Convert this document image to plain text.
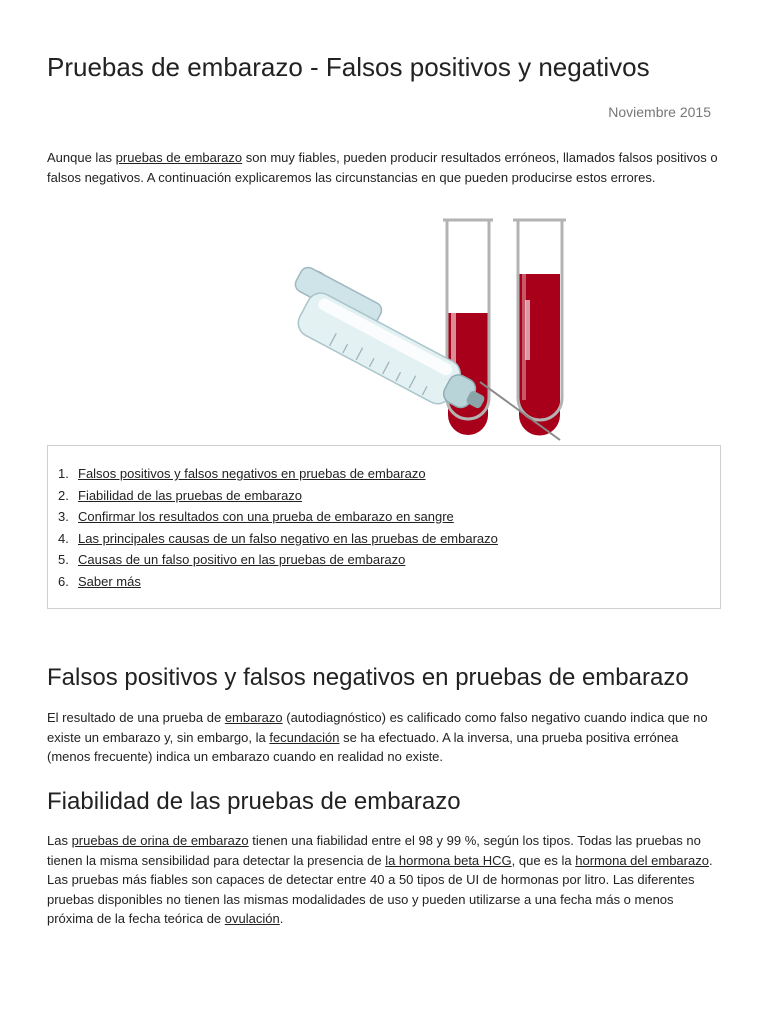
Pruebas de embarazo - Falsos positivos y negativos
Noviembre 2015

Aunque las pruebas de embarazo son muy fiables, pueden producir resultados erróneos, llamados falsos positivos o falsos negativos. A continuación explicaremos las circunstancias en que pueden producirse estos errores.

1. Falsos positivos y falsos negativos en pruebas de embarazo
2. Fiabilidad de las pruebas de embarazo
3. Confirmar los resultados con una prueba de embarazo en sangre
4. Las principales causas de un falso negativo en las pruebas de embarazo
5. Causas de un falso positivo en las pruebas de embarazo
6. Saber más
Falsos positivos y falsos negativos en pruebas de embarazo

El resultado de una prueba de embarazo (autodiagnóstico) es calificado como falso negativo cuando indica que no existe un embarazo y, sin embargo, la fecundación se ha efectuado. A la inversa, una prueba positiva errónea (menos frecuente) indica un embarazo cuando en realidad no existe.

Fiabilidad de las pruebas de embarazo

Las pruebas de orina de embarazo tienen una fiabilidad entre el 98 y 99 %, según los tipos. Todas las pruebas no tienen la misma sensibilidad para detectar la presencia de la hormona beta HCG, que es la hormona del embarazo. Las pruebas más fiables son capaces de detectar entre 40 a 50 tipos de UI de hormonas por litro. Las diferentes pruebas disponibles no tienen las mismas modalidades de uso y pueden utilizarse a una fecha más o menos próxima de la fecha teórica de ovulación.
